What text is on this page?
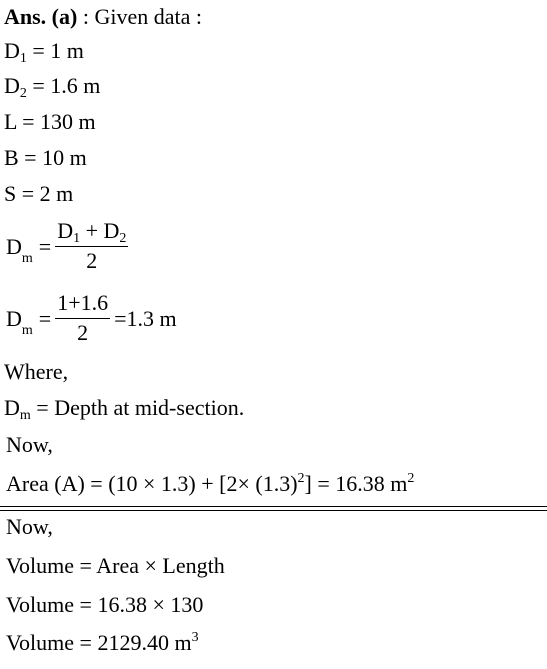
Ans. (a) : Given data :
$D_1 = 1$ m
$D_2 = 1.6$ m
L = 130 m
B = 10 m
S = 2 m
$D_m = \frac{D_1 + D_2}{2}$
$D_m = \frac{1+1.6}{2} =1.3$ m
Where,
$D_m$ = Depth at mid-section.
Now,
Area $(A) = (10 \times 1.3) + [2\times (1.3)^2] = 16.38$ $m^2$
Now,
Volume = Area × Length
Volume = 16.38 × 130
Volume = 2129.40 $m^3$
